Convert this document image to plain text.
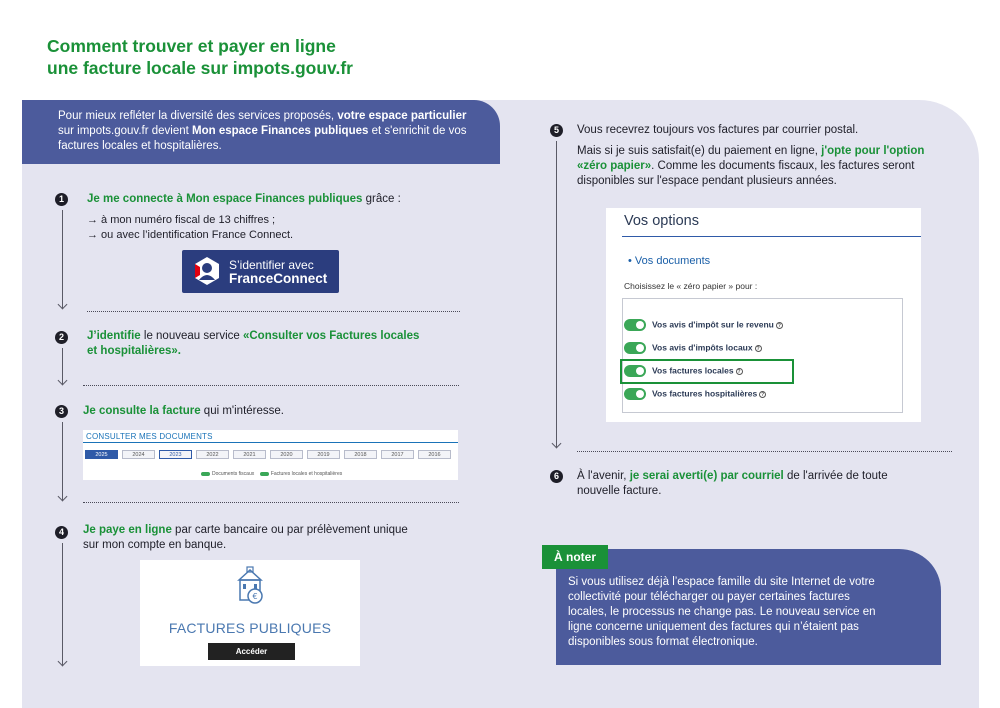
Comment trouver et payer en ligne
une facture locale sur impots.gouv.fr
Pour mieux refléter la diversité des services proposés, votre espace particulier sur impots.gouv.fr devient Mon espace Finances publiques et s'enrichit de vos factures locales et hospitalières.
1	Je me connecte à Mon espace Finances publiques grâce :
→ à mon numéro fiscal de 13 chiffres ;
→ ou avec l’identification France Connect.
S’identifier avec
FranceConnect
2	J’identifie le nouveau service «Consulter vos Factures locales
et hospitalières».
3	Je consulte la facture qui m'intéresse.
CONSULTER MES DOCUMENTS
2025	2024	2023	2022	2021	2020	2019	2018	2017	2016
Documents fiscaux	Factures locales et hospitalières
4	Je paye en ligne par carte bancaire ou par prélèvement unique
sur mon compte en banque.
€
FACTURES PUBLIQUES
Accéder
5	Vous recevrez toujours vos factures par courrier postal.
Mais si je suis satisfait(e) du paiement en ligne, j'opte pour l'option
«zéro papier». Comme les documents fiscaux, les factures seront
disponibles sur l'espace pendant plusieurs années.
Vos options
• Vos documents
Choisissez le « zéro papier » pour :
Vos avis d'impôt sur le revenu ?
Vos avis d'impôts locaux ?
Vos factures locales ?
Vos factures hospitalières ?
6	À l'avenir, je serai averti(e) par courriel de l'arrivée de toute
nouvelle facture.
Si vous utilisez déjà l’espace famille du site Internet de votre
collectivité pour télécharger ou payer certaines factures
locales, le processus ne change pas. Le nouveau service en
ligne concerne uniquement des factures qui n’étaient pas
disponibles sous format électronique.
À noter
